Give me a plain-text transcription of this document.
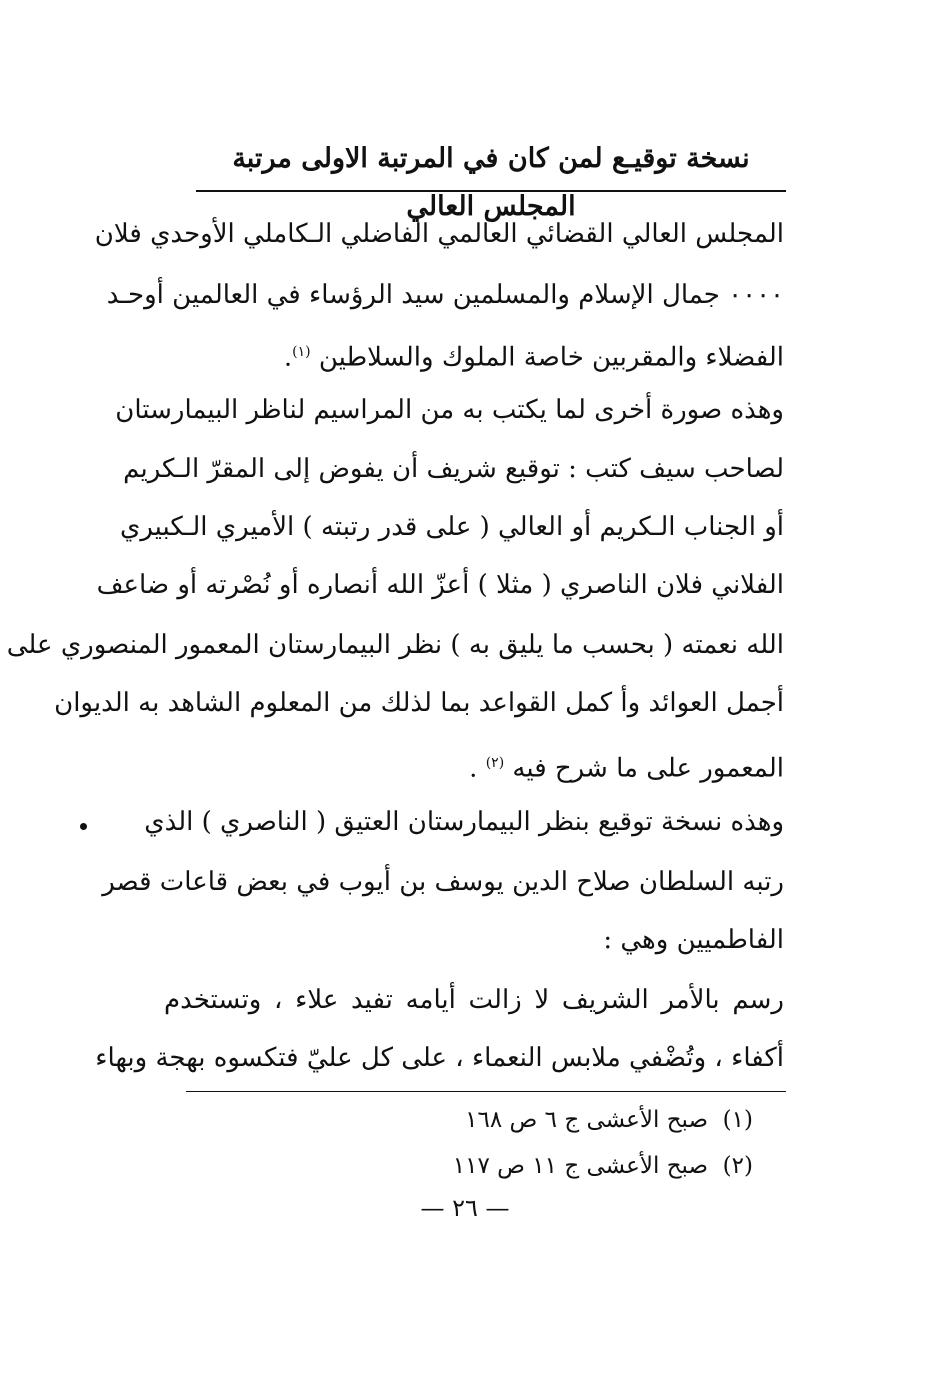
نسخة توقيـع لمن كان في المرتبة الاولى مرتبة المجلس العالي
المجلس العالي القضائي العالمي الفاضلي الـكاملي الأوحدي فلان
٠٠٠٠ جمال الإسلام والمسلمين سيد الرؤساء في العالمين أوحـد
الفضلاء والمقربين خاصة الملوك والسلاطين $^{(١)}$.
وهذه صورة أخرى لما يكتب به من المراسيم لناظر البيمارستان
لصاحب سيف كتب : توقيع شريف أن يفوض إلى المقرّ الـكريم
أو الجناب الـكريم أو العالي ( على قدر رتبته ) الأميري الـكبيري
الفلاني فلان الناصري ( مثلا ) أعزّ الله أنصاره أو نُصْرته أو ضاعف
الله نعمته ( بحسب ما يليق به ) نظر البيمارستان المعمور المنصوري على
أجمل العوائد وأ كمل القواعد بما لذلك من المعلوم الشاهد به الديوان
المعمور على ما شرح فيه $^{(٢)}$ .
وهذه نسخة توقيع بنظر البيمارستان العتيق ( الناصري ) الذي
رتبه السلطان صلاح الدين يوسف بن أيوب في بعض قاعات قصر
الفاطميين وهي :
رسم بالأمر الشريف لا زالت أيامه تفيد علاء ، وتستخدم
أكفاء ، وتُضْفي ملابس النعماء ، على كل عليّ فتكسوه بهجة وبهاء
(١)  صبح الأعشى ج ٦ ص ١٦٨
(٢)  صبح الأعشى ج ١١ ص ١١٧
— ٢٦ —
